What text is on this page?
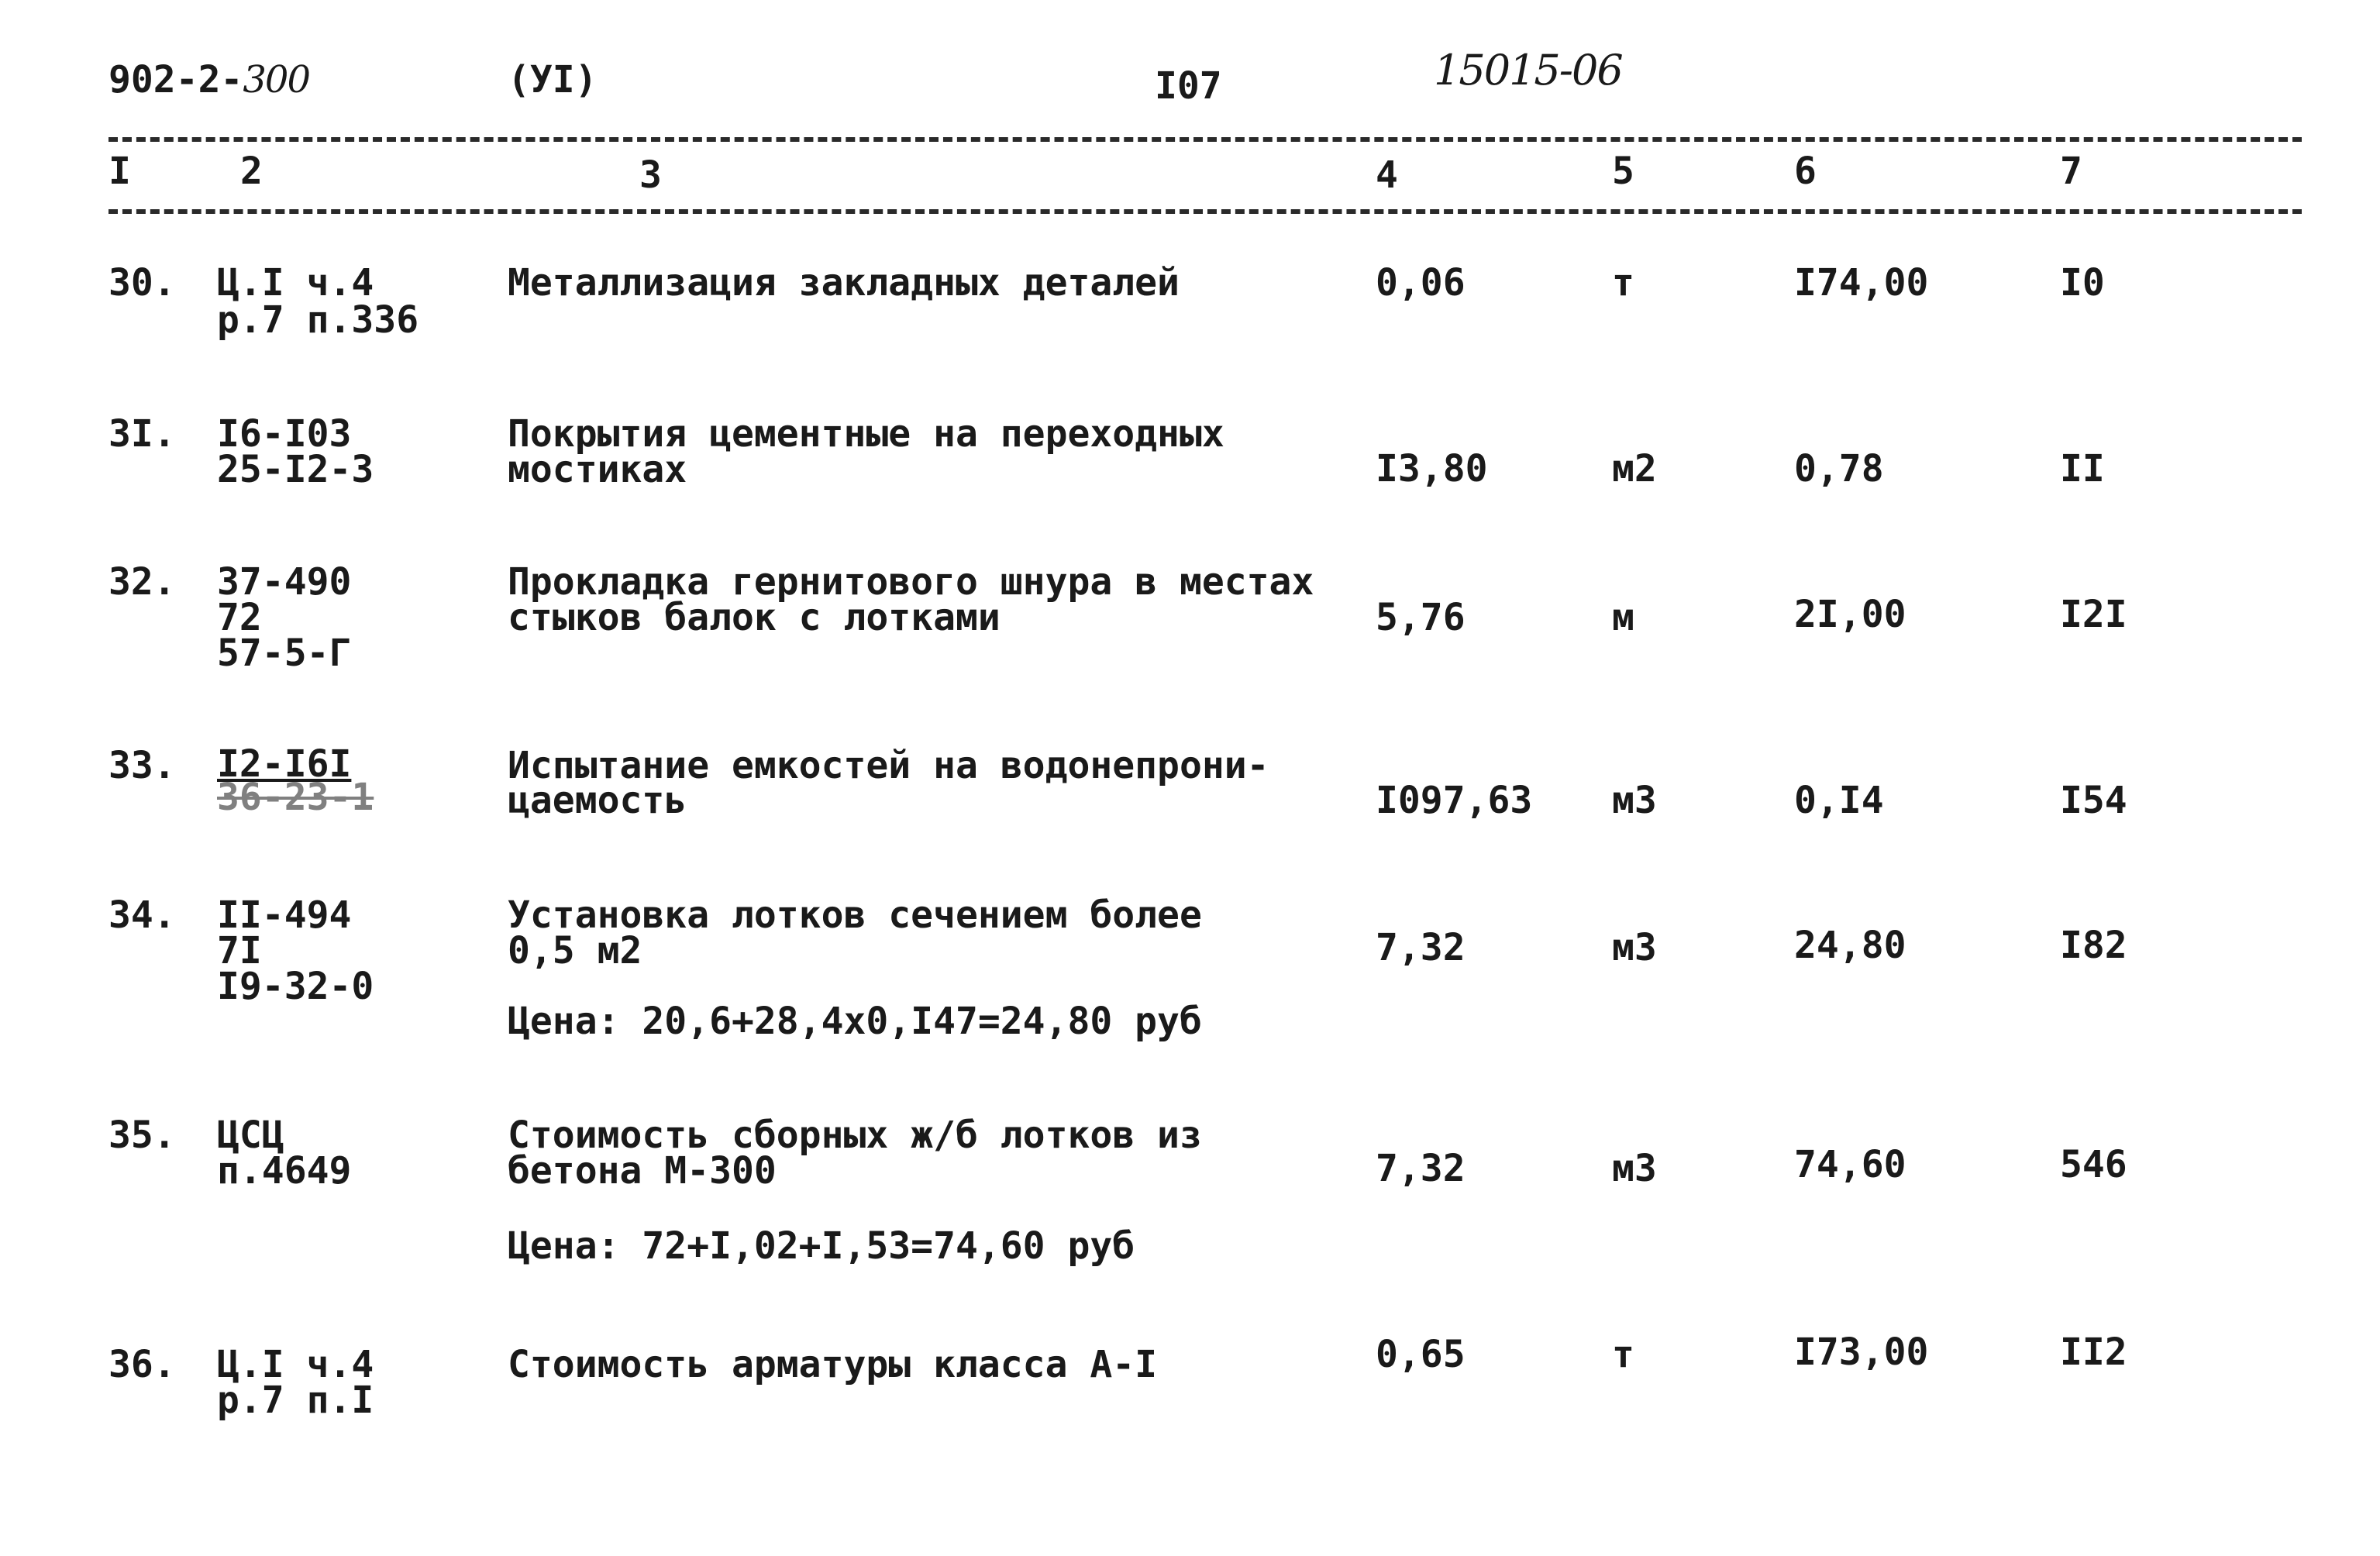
902-2-300	(УI)	I07	15015-06
I	2	3	4	5	6	7
30. Ц.I ч.4
р.7 п.336
Металлизация закладных деталей	0,06	т	I74,00	I0
3I. I6-I03
25-I2-3
Покрытия цементные на переходных
мостиках	I3,80	м2	0,78	II
32. 37-490
72
57-5-Г
Прокладка гернитового шнура в местах
стыков балок с лотками	5,76	м	2I,00	I2I
33. I2-I6I
36-23-1
Испытание емкостей на водонепрони-
цаемость	I097,63 м3	0,I4	I54
34. II-494
7I
I9-32-0
Установка лотков сечением более
0,5 м2
Цена: 20,6+28,4х0,I47=24,80 руб
7,32	м3	24,80	I82
35. ЦСЦ
п.4649
Стоимость сборных ж/б лотков из
бетона М-300
Цена: 72+I,02+I,53=74,60 руб
7,32	м3	74,60	546
36. Ц.I ч.4
р.7 п.I
Стоимость арматуры класса А-I	0,65	т	I73,00	II2
